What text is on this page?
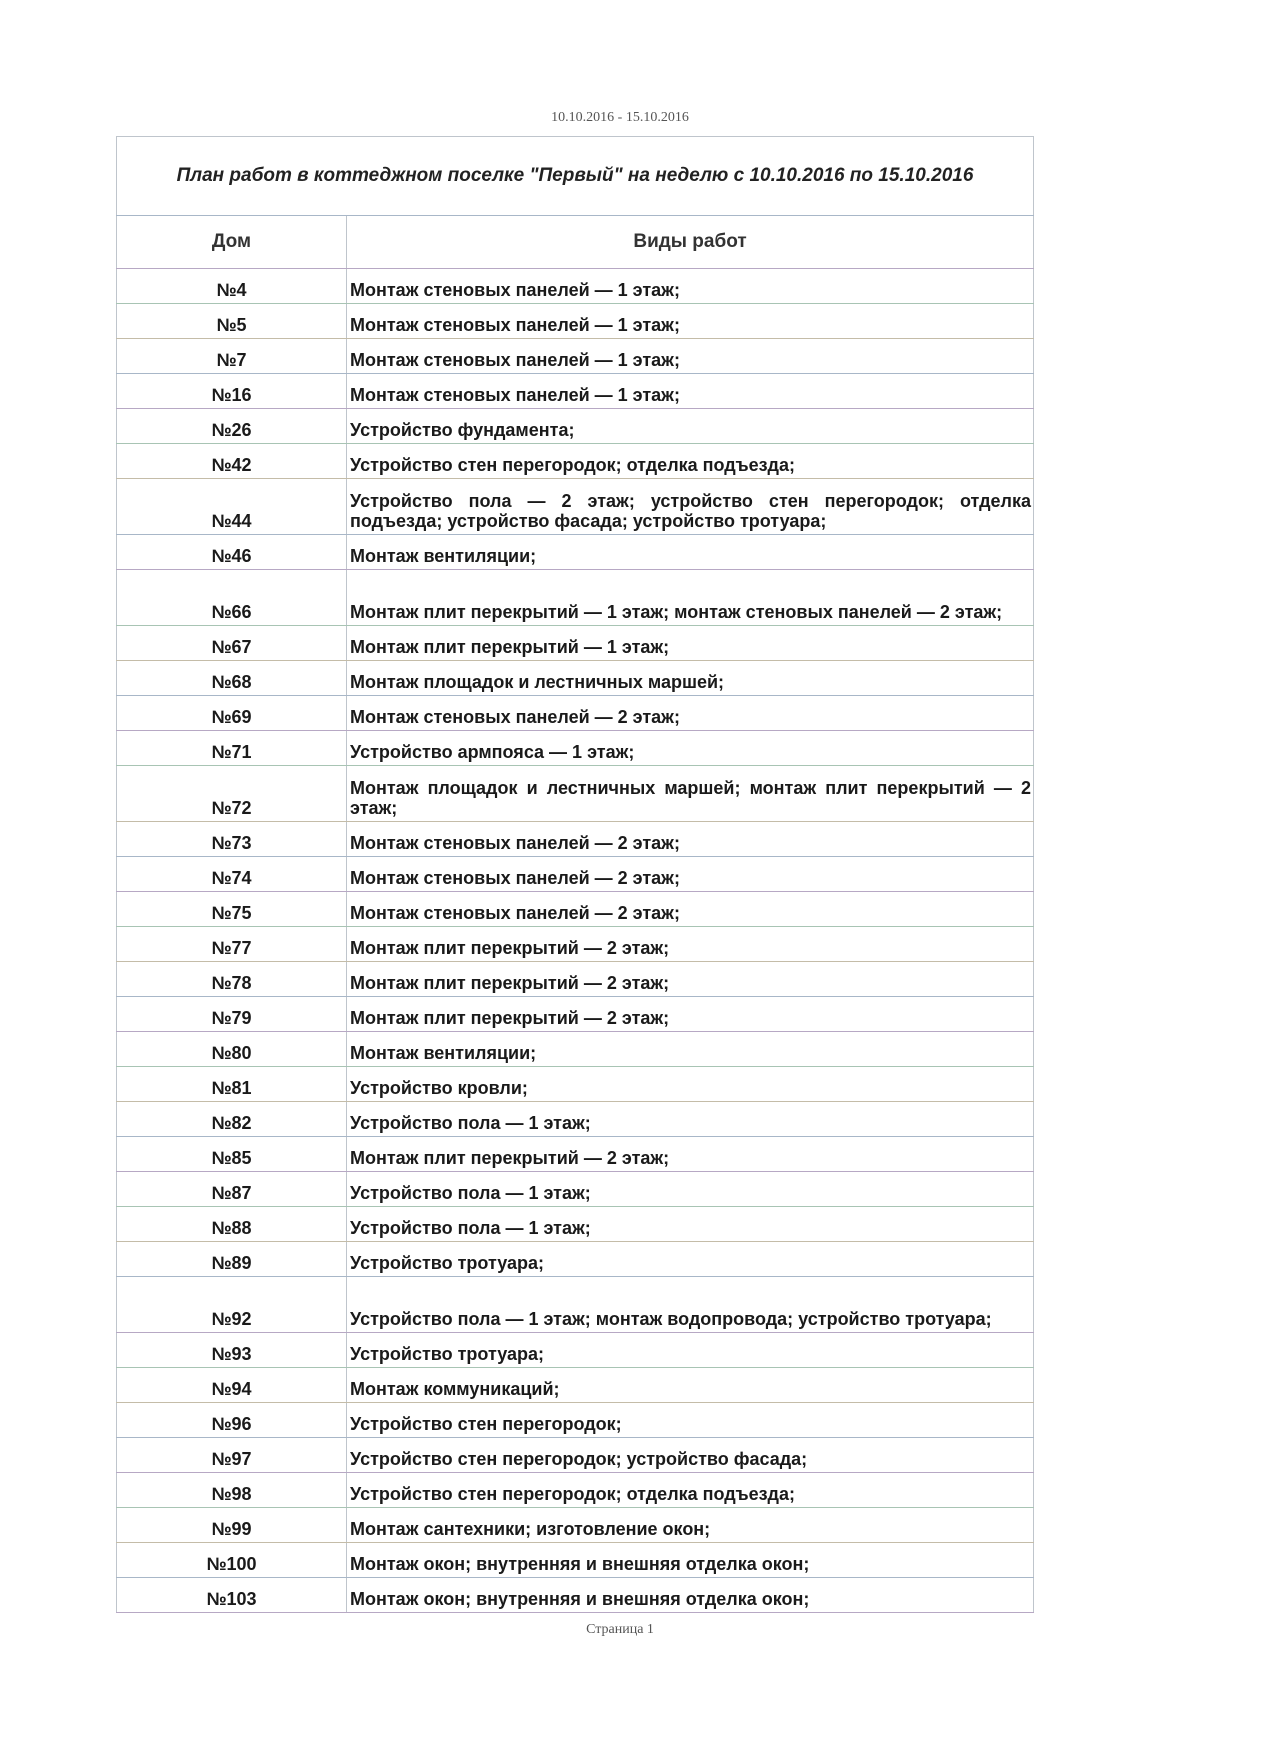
10.10.2016 - 15.10.2016
План работ в коттеджном поселке "Первый" на неделю с 10.10.2016 по 15.10.2016	
Дом	Виды работ
№4	Монтаж стеновых панелей — 1 этаж;
№5	Монтаж стеновых панелей — 1 этаж;
№7	Монтаж стеновых панелей — 1 этаж;
№16	Монтаж стеновых панелей — 1 этаж;
№26	Устройство фундамента;
№42	Устройство стен перегородок; отделка подъезда;
№44	Устройство пола — 2 этаж; устройство стен перегородок; отделка подъезда; устройство фасада; устройство тротуара;
№46	Монтаж вентиляции;
№66	Монтаж плит перекрытий — 1 этаж; монтаж стеновых панелей — 2 этаж;
№67	Монтаж плит перекрытий — 1 этаж;
№68	Монтаж площадок и лестничных маршей;
№69	Монтаж стеновых панелей — 2 этаж;
№71	Устройство армпояса — 1 этаж;
№72	Монтаж площадок и лестничных маршей; монтаж плит перекрытий — 2 этаж;
№73	Монтаж стеновых панелей — 2 этаж;
№74	Монтаж стеновых панелей — 2 этаж;
№75	Монтаж стеновых панелей — 2 этаж;
№77	Монтаж плит перекрытий — 2 этаж;
№78	Монтаж плит перекрытий — 2 этаж;
№79	Монтаж плит перекрытий — 2 этаж;
№80	Монтаж вентиляции;
№81	Устройство кровли;
№82	Устройство пола — 1 этаж;
№85	Монтаж плит перекрытий — 2 этаж;
№87	Устройство пола — 1 этаж;
№88	Устройство пола — 1 этаж;
№89	Устройство тротуара;
№92	Устройство пола — 1 этаж; монтаж водопровода; устройство тротуара;
№93	Устройство тротуара;
№94	Монтаж коммуникаций;
№96	Устройство стен перегородок;
№97	Устройство стен перегородок; устройство фасада;
№98	Устройство стен перегородок; отделка подъезда;
№99	Монтаж сантехники; изготовление окон;
№100	Монтаж окон; внутренняя и внешняя отделка окон;
№103	Монтаж окон; внутренняя и внешняя отделка окон;
Страница 1
